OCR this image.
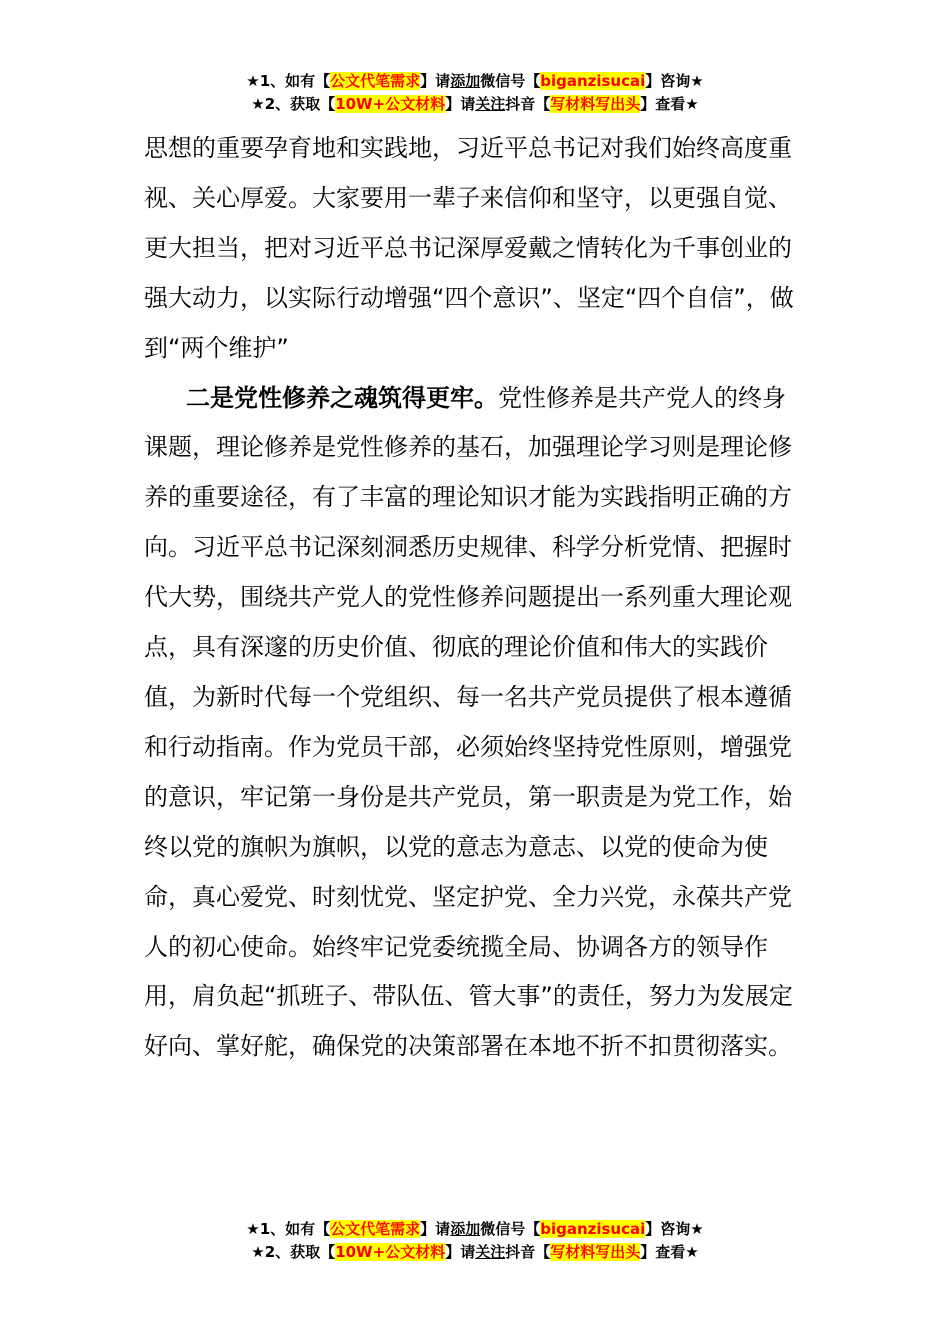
★1、如有【公文代笔需求】请添加微信号【biganzisucai】咨询★
★2、获取【10W+公文材料】请关注抖音【写材料写出头】查看★

思想的重要孕育地和实践地，习近平总书记对我们始终高度重视、关心厚爱。大家要用一辈子来信仰和坚守，以更强自觉、更大担当，把对习近平总书记深厚爱戴之情转化为千事创业的强大动力，以实际行动增强“四个意识”、坚定“四个自信”，做到“两个维护”

二是党性修养之魂筑得更牢。党性修养是共产党人的终身课题，理论修养是党性修养的基石，加强理论学习则是理论修养的重要途径，有了丰富的理论知识才能为实践指明正确的方向。习近平总书记深刻洞悉历史规律、科学分析党情、把握时代大势，围绕共产党人的党性修养问题提出一系列重大理论观点，具有深邃的历史价值、彻底的理论价值和伟大的实践价值，为新时代每一个党组织、每一名共产党员提供了根本遵循和行动指南。作为党员干部，必须始终坚持党性原则，增强党的意识，牢记第一身份是共产党员，第一职责是为党工作，始终以党的旗帜为旗帜，以党的意志为意志、以党的使命为使命，真心爱党、时刻忧党、坚定护党、全力兴党，永葆共产党人的初心使命。始终牢记党委统揽全局、协调各方的领导作用，肩负起“抓班子、带队伍、管大事”的责任，努力为发展定好向、掌好舵，确保党的决策部署在本地不折不扣贯彻落实。

★1、如有【公文代笔需求】请添加微信号【biganzisucai】咨询★
★2、获取【10W+公文材料】请关注抖音【写材料写出头】查看★
